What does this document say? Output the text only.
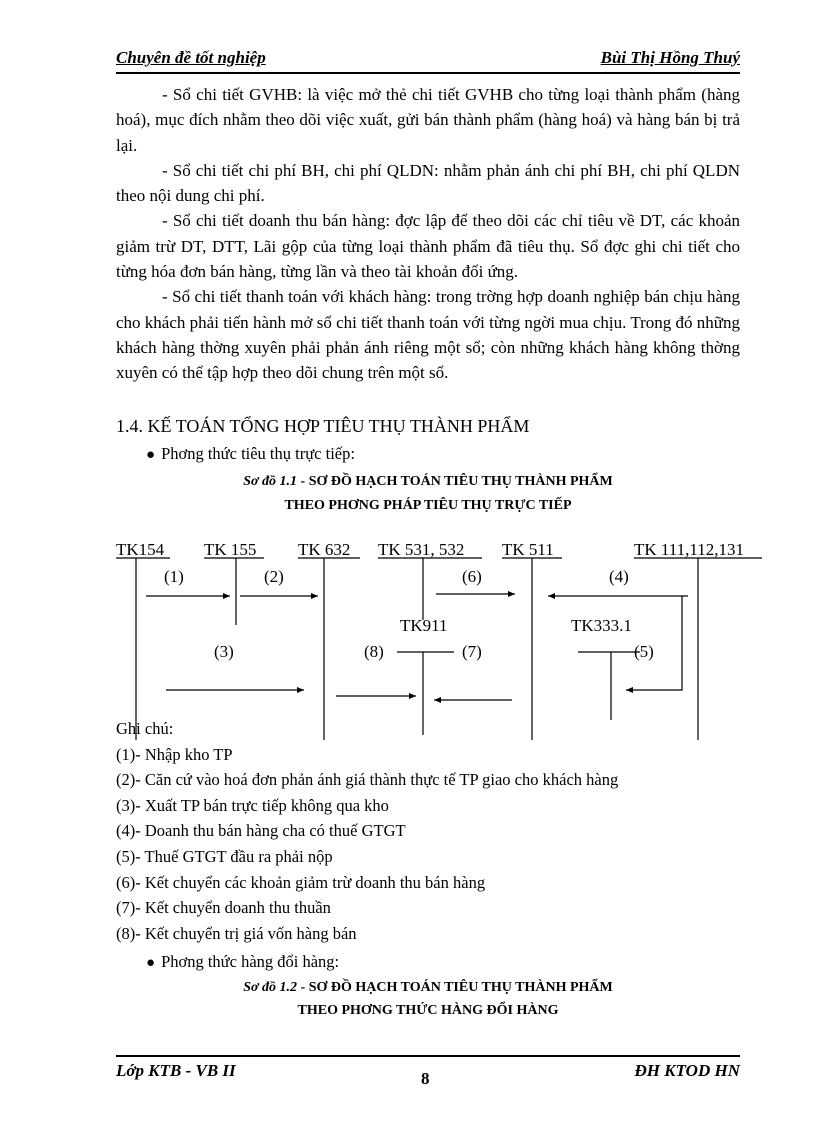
Chuyên đề tốt nghiệp	Bùi Thị Hồng Thuý

- Sổ chi tiết GVHB: là việc mở thẻ chi tiết GVHB cho từng loại thành phẩm (hàng hoá), mục đích nhằm theo dõi việc xuất, gửi bán thành phẩm (hàng hoá) và hàng bán bị trả lại.

- Sổ chi tiết chi phí BH, chi phí QLDN: nhằm phản ánh chi phí BH, chi phí QLDN theo nội dung chi phí.

- Sổ chi tiết doanh thu bán hàng: đợc lập để theo dõi các chỉ tiêu về DT, các khoản giảm trừ DT, DTT, Lãi gộp của từng loại thành phẩm đã tiêu thụ. Sổ đợc ghi chi tiết cho từng hóa đơn bán hàng, từng lần và theo tài khoản đối ứng.

- Sổ chi tiết thanh toán với khách hàng: trong trờng hợp doanh nghiệp bán chịu hàng cho khách phải tiến hành mở sổ chi tiết thanh toán với từng ngời mua chịu. Trong đó những khách hàng thờng xuyên phải phản ánh riêng một sổ; còn những khách hàng không thờng xuyên có thể tập hợp theo dõi chung trên một sổ.

1.4. KẾ TOÁN TỔNG HỢP TIÊU THỤ THÀNH PHẨM
● Phơng thức tiêu thụ trực tiếp:
Sơ đồ 1.1 - SƠ ĐỒ HẠCH TOÁN TIÊU THỤ THÀNH PHẨM
THEO PHƠNG PHÁP TIÊU THỤ TRỰC TIẾP
TK154 TK 155 TK 632 TK 531, 532 TK 511	TK 111,112,131
TK911	TK333.1
(1)	(2)
(3)
(4)
(5)
(6)
(7)
(8)
Ghi chú:
(1)- Nhập kho TP
(2)- Căn cứ vào hoá đơn phản ánh giá thành thực tế TP giao cho khách hàng
(3)- Xuất TP bán trực tiếp không qua kho
(4)- Doanh thu bán hàng cha có thuế GTGT
(5)- Thuế GTGT đầu ra phải nộp
(6)- Kết chuyển các khoản giảm trừ doanh thu bán hàng
(7)- Kết chuyển doanh thu thuần
(8)- Kết chuyển trị giá vốn hàng bán
● Phơng thức hàng đổi hàng:
Sơ đồ 1.2 - SƠ ĐỒ HẠCH TOÁN TIÊU THỤ THÀNH PHẨM
THEO PHƠNG THỨC HÀNG ĐỔI HÀNG
Lớp KTB - VB II	8	ĐH KTOD HN
